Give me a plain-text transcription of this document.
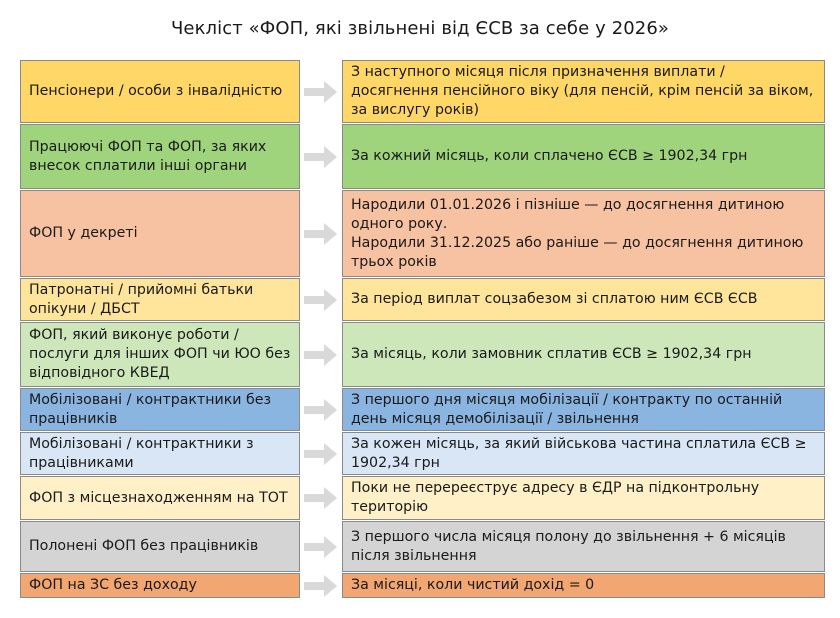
Чекліст «ФОП, які звільнені від ЄСВ за себе у 2026»
Пенсіонери / особи з інвалідністю
З наступного місяця після призначення виплати / досягнення пенсійного віку (для пенсій, крім пенсій за віком, за вислугу років)
Працюючі ФОП та ФОП, за яких внесок сплатили інші органи
За кожний місяць, коли сплачено ЄСВ ≥ 1902,34 грн
ФОП у декреті
Народили 01.01.2026 і пізніше — до досягнення дитиною одного року.
Народили 31.12.2025 або раніше — до досягнення дитиною трьох років
Патронатні / прийомні батьки опікуни / ДБСТ
За період виплат соцзабезом зі сплатою ним ЄСВ ЄСВ
ФОП, який виконує роботи / послуги для інших ФОП чи ЮО без відповідного КВЕД
За місяць, коли замовник сплатив ЄСВ ≥ 1902,34 грн
Мобілізовані / контрактники без працівників
З першого дня місяця мобілізації / контракту по останній день місяця демобілізації / звільнення
Мобілізовані / контрактники з працівниками
За кожен місяць, за який військова частина сплатила ЄСВ ≥ 1902,34 грн
ФОП з місцезнаходженням на ТОТ
Поки не перереєструє адресу в ЄДР на підконтрольну територію
Полонені ФОП без працівників
З першого числа місяця полону до звільнення + 6 місяців після звільнення
ФОП на ЗС без доходу	За місяці, коли чистий дохід = 0
